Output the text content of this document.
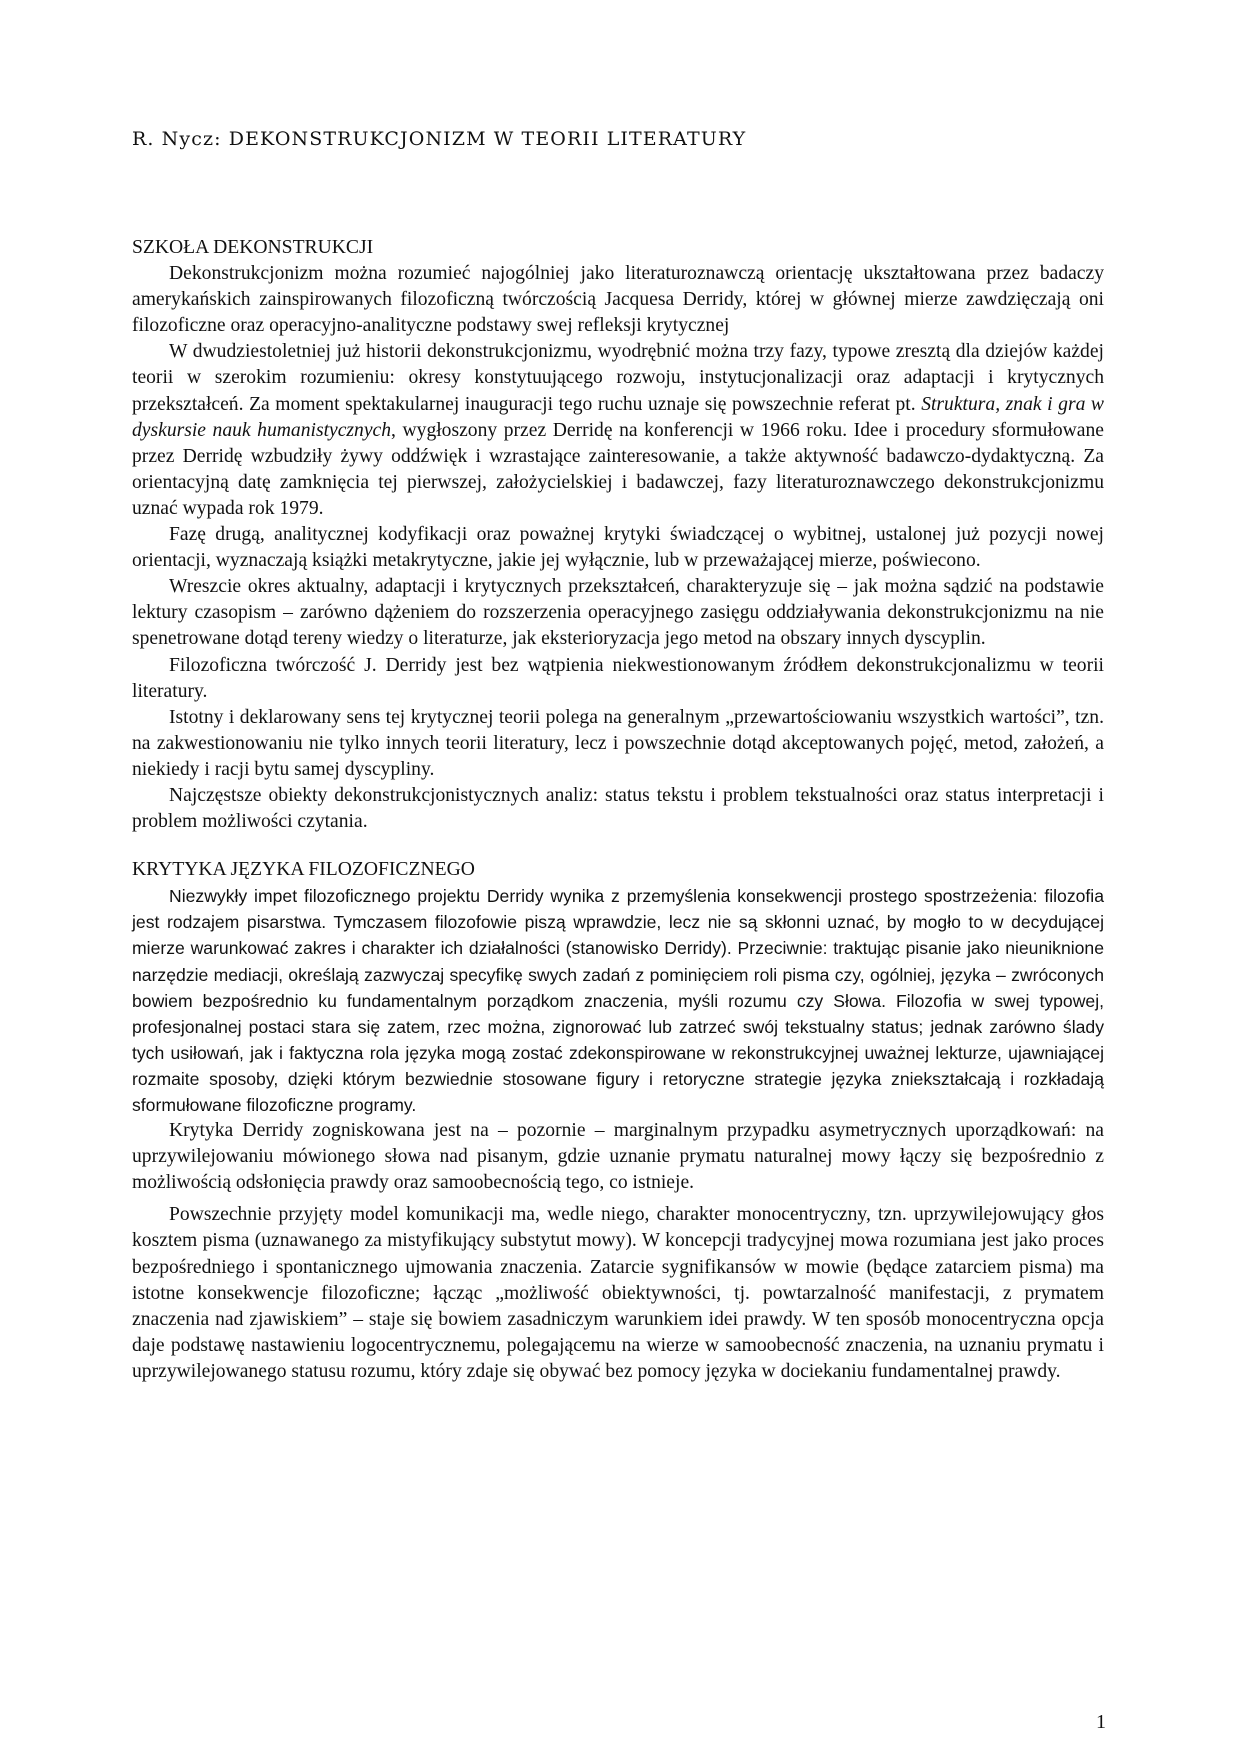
R. Nycz: DEKONSTRUKCJONIZM W TEORII LITERATURY
SZKOŁA DEKONSTRUKCJI

Dekonstrukcjonizm można rozumieć najogólniej jako literaturoznawczą orientację ukształtowana przez badaczy amerykańskich zainspirowanych filozoficzną twórczością Jacquesa Derridy, której w głównej mierze zawdzięczają oni filozoficzne oraz operacyjno-analityczne podstawy swej refleksji krytycznej

W dwudziestoletniej już historii dekonstrukcjonizmu, wyodrębnić można trzy fazy, typowe zresztą dla dziejów każdej teorii w szerokim rozumieniu: okresy konstytuującego rozwoju, instytucjonalizacji oraz adaptacji i krytycznych przekształceń. Za moment spektakularnej inauguracji tego ruchu uznaje się powszechnie referat pt. Struktura, znak i gra w dyskursie nauk humanistycznych, wygłoszony przez Derridę na konferencji w 1966 roku. Idee i procedury sformułowane przez Derridę wzbudziły żywy oddźwięk i wzrastające zainteresowanie, a także aktywność badawczo-dydaktyczną. Za orientacyjną datę zamknięcia tej pierwszej, założycielskiej i badawczej, fazy literaturoznawczego dekonstrukcjonizmu uznać wypada rok 1979.

Fazę drugą, analitycznej kodyfikacji oraz poważnej krytyki świadczącej o wybitnej, ustalonej już pozycji nowej orientacji, wyznaczają książki metakrytyczne, jakie jej wyłącznie, lub w przeważającej mierze, poświecono.

Wreszcie okres aktualny, adaptacji i krytycznych przekształceń, charakteryzuje się – jak można sądzić na podstawie lektury czasopism – zarówno dążeniem do rozszerzenia operacyjnego zasięgu oddziaływania dekonstrukcjonizmu na nie spenetrowane dotąd tereny wiedzy o literaturze, jak eksterioryzacja jego metod na obszary innych dyscyplin.

Filozoficzna twórczość J. Derridy jest bez wątpienia niekwestionowanym źródłem dekonstrukcjonalizmu w teorii literatury.

Istotny i deklarowany sens tej krytycznej teorii polega na generalnym „przewartościowaniu wszystkich wartości”, tzn. na zakwestionowaniu nie tylko innych teorii literatury, lecz i powszechnie dotąd akceptowanych pojęć, metod, założeń, a niekiedy i racji bytu samej dyscypliny.

Najczęstsze obiekty dekonstrukcjonistycznych analiz: status tekstu i problem tekstualności oraz status interpretacji i problem możliwości czytania.

KRYTYKA JĘZYKA FILOZOFICZNEGO

Niezwykły impet filozoficznego projektu Derridy wynika z przemyślenia konsekwencji prostego spostrzeżenia: filozofia jest rodzajem pisarstwa. Tymczasem filozofowie piszą wprawdzie, lecz nie są skłonni uznać, by mogło to w decydującej mierze warunkować zakres i charakter ich działalności (stanowisko Derridy). Przeciwnie: traktując pisanie jako nieuniknione narzędzie mediacji, określają zazwyczaj specyfikę swych zadań z pominięciem roli pisma czy, ogólniej, języka – zwróconych bowiem bezpośrednio ku fundamentalnym porządkom znaczenia, myśli rozumu czy Słowa. Filozofia w swej typowej, profesjonalnej postaci stara się zatem, rzec można, zignorować lub zatrzeć swój tekstualny status; jednak zarówno ślady tych usiłowań, jak i faktyczna rola języka mogą zostać zdekonspirowane w rekonstrukcyjnej uważnej lekturze, ujawniającej rozmaite sposoby, dzięki którym bezwiednie stosowane figury i retoryczne strategie języka zniekształcają i rozkładają sformułowane filozoficzne programy.

Krytyka Derridy zogniskowana jest na – pozornie – marginalnym przypadku asymetrycznych uporządkowań: na uprzywilejowaniu mówionego słowa nad pisanym, gdzie uznanie prymatu naturalnej mowy łączy się bezpośrednio z możliwością odsłonięcia prawdy oraz samoobecnością tego, co istnieje.

Powszechnie przyjęty model komunikacji ma, wedle niego, charakter monocentryczny, tzn. uprzywilejowujący głos kosztem pisma (uznawanego za mistyfikujący substytut mowy). W koncepcji tradycyjnej mowa rozumiana jest jako proces bezpośredniego i spontanicznego ujmowania znaczenia. Zatarcie sygnifikansów w mowie (będące zatarciem pisma) ma istotne konsekwencje filozoficzne; łącząc „możliwość obiektywności, tj. powtarzalność manifestacji, z prymatem znaczenia nad zjawiskiem” – staje się bowiem zasadniczym warunkiem idei prawdy. W ten sposób monocentryczna opcja daje podstawę nastawieniu logocentrycznemu, polegającemu na wierze w samoobecność znaczenia, na uznaniu prymatu i uprzywilejowanego statusu rozumu, który zdaje się obywać bez pomocy języka w dociekaniu fundamentalnej prawdy.

1
